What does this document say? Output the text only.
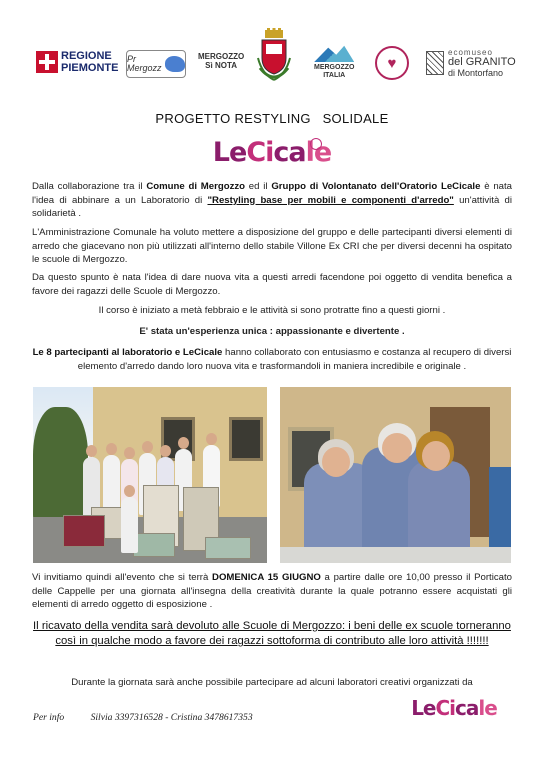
REGIONE
PIEMONTE
Pr
Mergozz
MERGOZZO
Sì NOTA	MERGOZZO
ITALIA
♥
ecomuseo
del GRANITO
di Montorfano
PROGETTO RESTYLING   SOLIDALE
Le Ci ca le
Dalla collaborazione tra il Comune di Mergozzo ed il Gruppo di Volontanato dell'Oratorio LeCicale è nata l'idea di abbinare a un Laboratorio di "Restyling base per mobili e componenti d'arredo" un'attività di solidarietà .
L'Amministrazione Comunale ha voluto mettere a disposizione del gruppo e delle partecipanti diversi elementi di arredo che giacevano non più utilizzati all'interno dello stabile Villone Ex CRI che per diversi decenni ha ospitato le scuole di Mergozzo.
Da questo spunto è nata l'idea di dare nuova vita a questi arredi facendone poi oggetto di vendita benefica a favore dei ragazzi delle Scuole di Mergozzo.
Il corso è iniziato a metà febbraio e le attività si sono protratte fino a questi giorni .
E' stata un'esperienza unica : appassionante e divertente .
Le 8 partecipanti al laboratorio e LeCicale hanno collaborato con entusiasmo e costanza al recupero di diversi elemento d'arredo dando loro nuova vita e trasformandoli in maniera incredibile e originale .
Vi invitiamo quindi all'evento che si terrà DOMENICA 15 GIUGNO a partire dalle ore 10,00 presso il Porticato delle Cappelle per una giornata all'insegna della creatività durante la quale potranno essere acquistati gli elementi di arredo oggetto di esposizione .
Il ricavato della vendita sarà devoluto alle Scuole di Mergozzo: i beni delle ex scuole torneranno così in qualche modo a favore dei ragazzi sottoforma di contributo alle loro attività !!!!!!!
Durante la giornata sarà anche possibile partecipare ad alcuni laboratori creativi organizzati da
Per info	Silvia 3397316528 - Cristina 3478617353	Le Ci ca le
